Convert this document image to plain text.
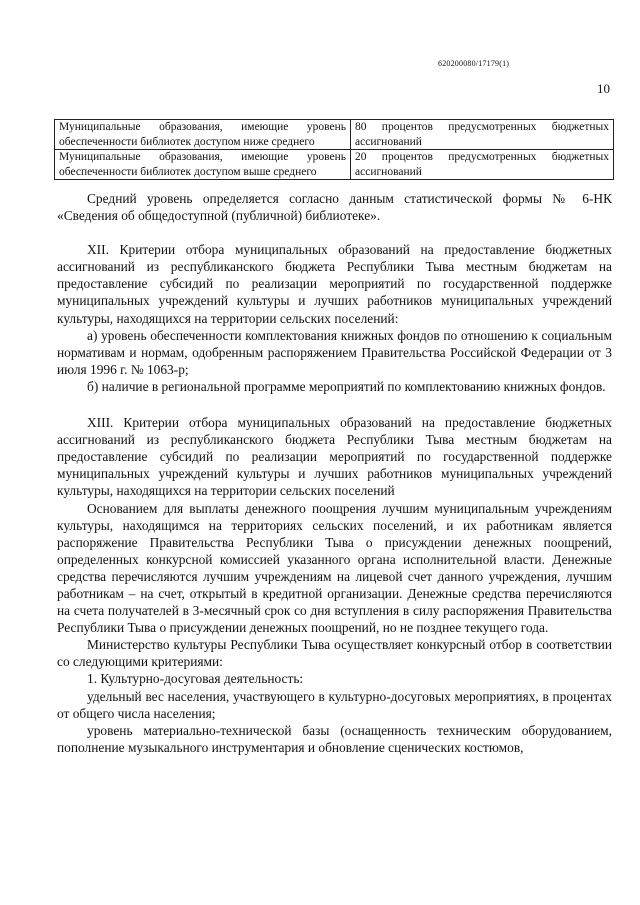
620200080/17179(1)
10
Муниципальные образования, имеющие уровень обеспеченности библиотек доступом ниже среднего	80 процентов предусмотренных бюджетных ассигнований
Муниципальные образования, имеющие уровень обеспеченности библиотек доступом выше среднего	20 процентов предусмотренных бюджетных ассигнований

Средний уровень определяется согласно данным статистической формы № 6-НК «Сведения об общедоступной (публичной) библиотеке».

XII. Критерии отбора муниципальных образований на предоставление бюджетных ассигнований из республиканского бюджета Республики Тыва местным бюджетам на предоставление субсидий по реализации мероприятий по государственной поддержке муниципальных учреждений культуры и лучших работников муниципальных учреждений культуры, находящихся на территории сельских поселений:

а) уровень обеспеченности комплектования книжных фондов по отношению к социальным нормативам и нормам, одобренным распоряжением Правительства Российской Федерации от 3 июля 1996 г. № 1063-р;

б) наличие в региональной программе мероприятий по комплектованию книжных фондов.

XIII. Критерии отбора муниципальных образований на предоставление бюджетных ассигнований из республиканского бюджета Республики Тыва местным бюджетам на предоставление субсидий по реализации мероприятий по государственной поддержке муниципальных учреждений культуры и лучших работников муниципальных учреждений культуры, находящихся на территории сельских поселений

Основанием для выплаты денежного поощрения лучшим муниципальным учреждениям культуры, находящимся на территориях сельских поселений, и их работникам является распоряжение Правительства Республики Тыва о присуждении денежных поощрений, определенных конкурсной комиссией указанного органа исполнительной власти. Денежные средства перечисляются лучшим учреждениям на лицевой счет данного учреждения, лучшим работникам – на счет, открытый в кредитной организации. Денежные средства перечисляются на счета получателей в 3-месячный срок со дня вступления в силу распоряжения Правительства Республики Тыва о присуждении денежных поощрений, но не позднее текущего года.

Министерство культуры Республики Тыва осуществляет конкурсный отбор в соответствии со следующими критериями:

1. Культурно-досуговая деятельность:

удельный вес населения, участвующего в культурно-досуговых мероприятиях, в процентах от общего числа населения;

уровень материально-технической базы (оснащенность техническим оборудованием, пополнение музыкального инструментария и обновление сценических костюмов,
